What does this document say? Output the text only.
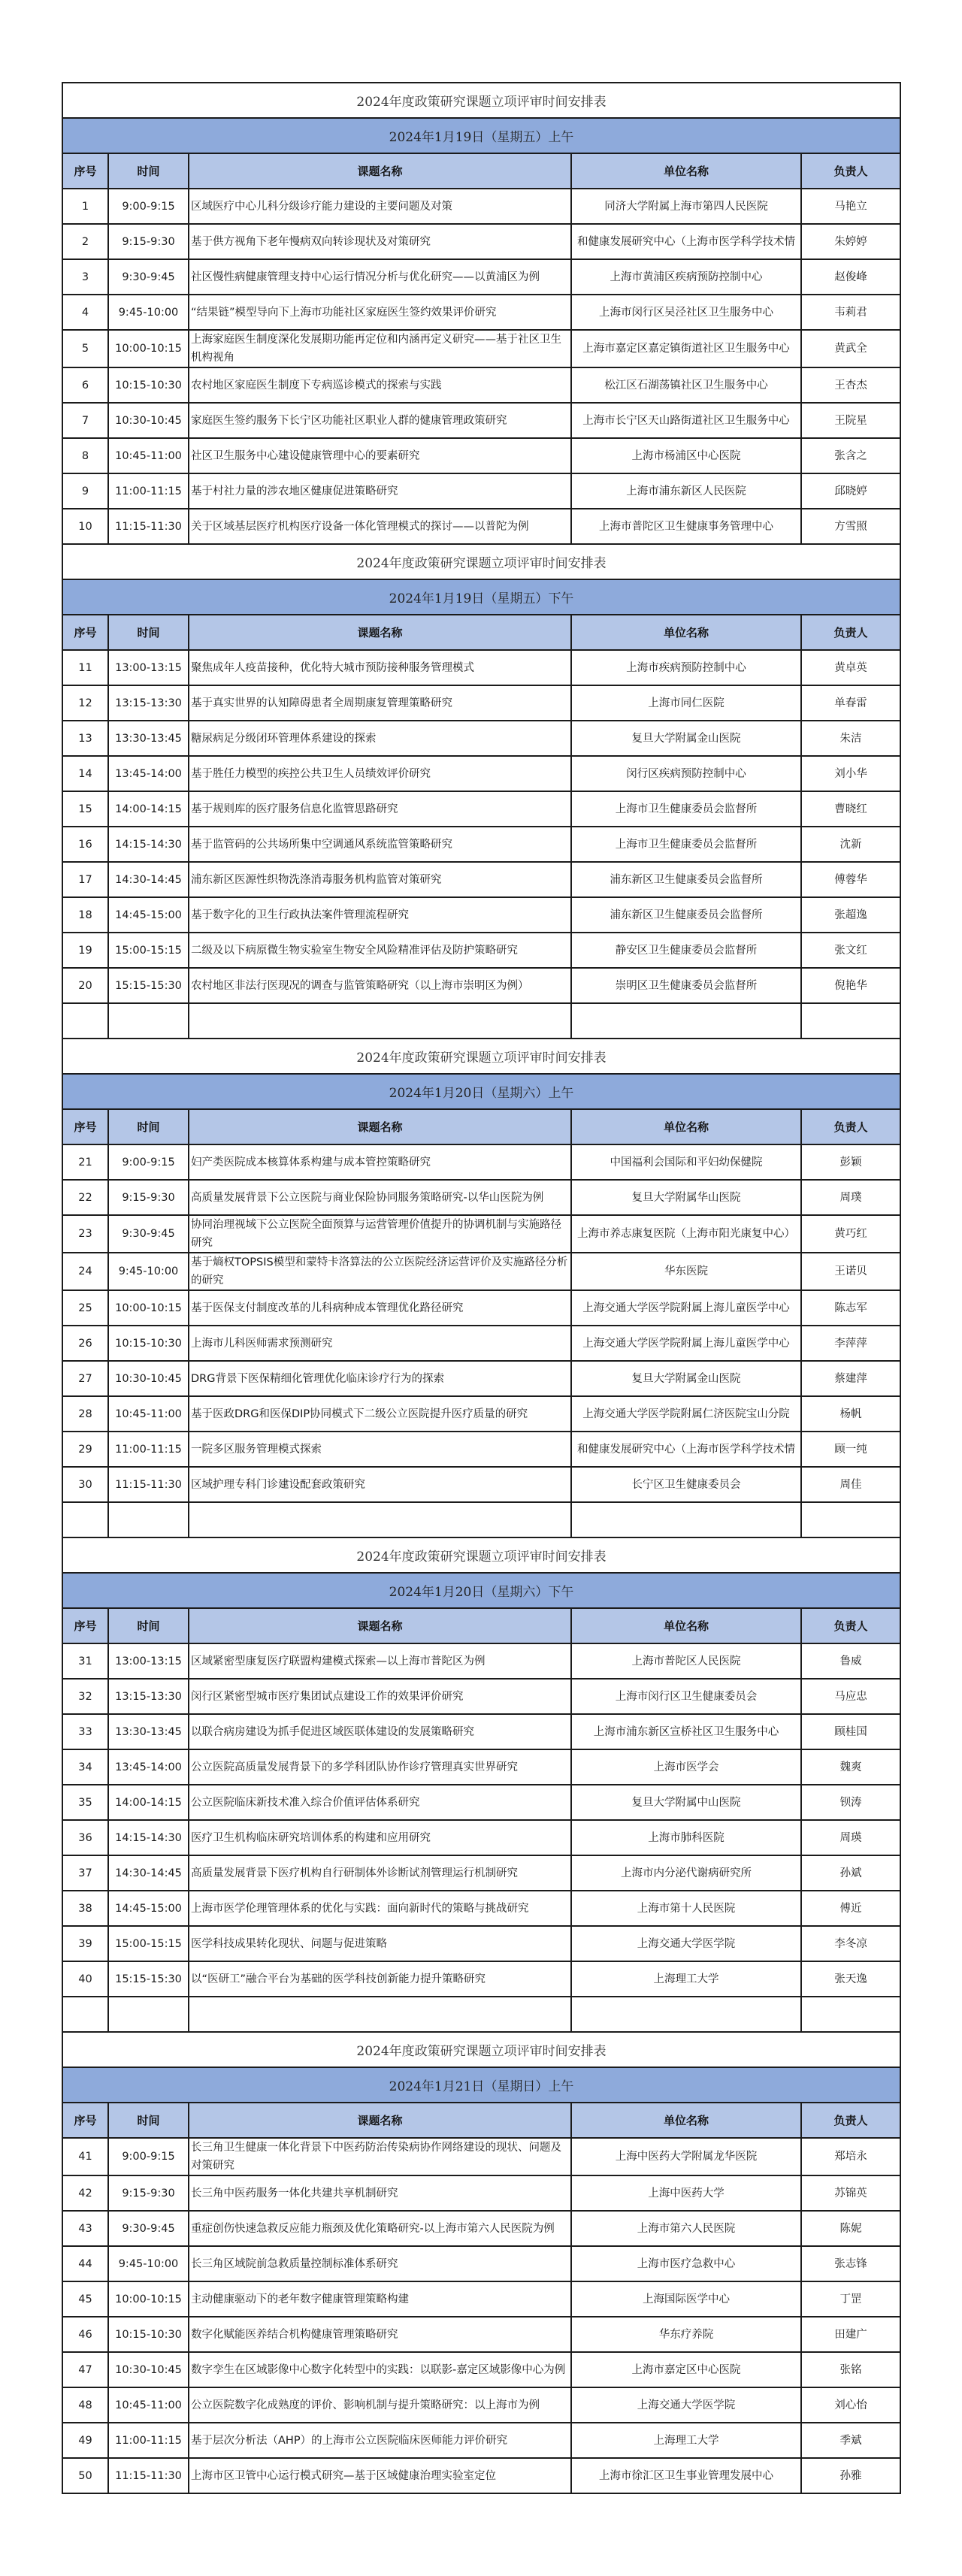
2024年度政策研究课题立项评审时间安排表				
2024年1月19日（星期五）上午				
序号	时间	课题名称	单位名称	负责人
1	9:00-9:15	区域医疗中心儿科分级诊疗能力建设的主要问题及对策	同济大学附属上海市第四人民医院	马艳立
2	9:15-9:30	基于供方视角下老年慢病双向转诊现状及对策研究	和健康发展研究中心（上海市医学科学技术情	朱婷婷
3	9:30-9:45	社区慢性病健康管理支持中心运行情况分析与优化研究——以黄浦区为例	上海市黄浦区疾病预防控制中心	赵俊峰
4	9:45-10:00	“结果链”模型导向下上海市功能社区家庭医生签约效果评价研究	上海市闵行区吴泾社区卫生服务中心	韦莉君
5	10:00-10:15	上海家庭医生制度深化发展期功能再定位和内涵再定义研究——基于社区卫生机构视角	上海市嘉定区嘉定镇街道社区卫生服务中心	黄武全
6	10:15-10:30	农村地区家庭医生制度下专病巡诊模式的探索与实践	松江区石湖荡镇社区卫生服务中心	王杏杰
7	10:30-10:45	家庭医生签约服务下长宁区功能社区职业人群的健康管理政策研究	上海市长宁区天山路街道社区卫生服务中心	王院星
8	10:45-11:00	社区卫生服务中心建设健康管理中心的要素研究	上海市杨浦区中心医院	张含之
9	11:00-11:15	基于村社力量的涉农地区健康促进策略研究	上海市浦东新区人民医院	邱晓婷
10	11:15-11:30	关于区域基层医疗机构医疗设备一体化管理模式的探讨——以普陀为例	上海市普陀区卫生健康事务管理中心	方雪照
2024年度政策研究课题立项评审时间安排表				
2024年1月19日（星期五）下午				
序号	时间	课题名称	单位名称	负责人
11	13:00-13:15	聚焦成年人疫苗接种，优化特大城市预防接种服务管理模式	上海市疾病预防控制中心	黄卓英
12	13:15-13:30	基于真实世界的认知障碍患者全周期康复管理策略研究	上海市同仁医院	单春雷
13	13:30-13:45	糖尿病足分级闭环管理体系建设的探索	复旦大学附属金山医院	朱洁
14	13:45-14:00	基于胜任力模型的疾控公共卫生人员绩效评价研究	闵行区疾病预防控制中心	刘小华
15	14:00-14:15	基于规则库的医疗服务信息化监管思路研究	上海市卫生健康委员会监督所	曹晓红
16	14:15-14:30	基于监管码的公共场所集中空调通风系统监管策略研究	上海市卫生健康委员会监督所	沈新
17	14:30-14:45	浦东新区医源性织物洗涤消毒服务机构监管对策研究	浦东新区卫生健康委员会监督所	傅蓉华
18	14:45-15:00	基于数字化的卫生行政执法案件管理流程研究	浦东新区卫生健康委员会监督所	张超逸
19	15:00-15:15	二级及以下病原微生物实验室生物安全风险精准评估及防护策略研究	静安区卫生健康委员会监督所	张文红
20	15:15-15:30	农村地区非法行医现况的调查与监管策略研究（以上海市崇明区为例）	崇明区卫生健康委员会监督所	倪艳华

2024年度政策研究课题立项评审时间安排表				
2024年1月20日（星期六）上午				
序号	时间	课题名称	单位名称	负责人
21	9:00-9:15	妇产类医院成本核算体系构建与成本管控策略研究	中国福利会国际和平妇幼保健院	彭颖
22	9:15-9:30	高质量发展背景下公立医院与商业保险协同服务策略研究-以华山医院为例	复旦大学附属华山医院	周璞
23	9:30-9:45	协同治理视域下公立医院全面预算与运营管理价值提升的协调机制与实施路径研究	上海市养志康复医院（上海市阳光康复中心）	黄巧红
24	9:45-10:00	基于熵权TOPSIS模型和蒙特卡洛算法的公立医院经济运营评价及实施路径分析的研究	华东医院	王诺贝
25	10:00-10:15	基于医保支付制度改革的儿科病种成本管理优化路径研究	上海交通大学医学院附属上海儿童医学中心	陈志军
26	10:15-10:30	上海市儿科医师需求预测研究	上海交通大学医学院附属上海儿童医学中心	李萍萍
27	10:30-10:45	DRG背景下医保精细化管理优化临床诊疗行为的探索	复旦大学附属金山医院	蔡建萍
28	10:45-11:00	基于医政DRG和医保DIP协同模式下二级公立医院提升医疗质量的研究	上海交通大学医学院附属仁济医院宝山分院	杨帆
29	11:00-11:15	一院多区服务管理模式探索	和健康发展研究中心（上海市医学科学技术情	顾一纯
30	11:15-11:30	区域护理专科门诊建设配套政策研究	长宁区卫生健康委员会	周佳

2024年度政策研究课题立项评审时间安排表				
2024年1月20日（星期六）下午				
序号	时间	课题名称	单位名称	负责人
31	13:00-13:15	区域紧密型康复医疗联盟构建模式探索—以上海市普陀区为例	上海市普陀区人民医院	鲁威
32	13:15-13:30	闵行区紧密型城市医疗集团试点建设工作的效果评价研究	上海市闵行区卫生健康委员会	马应忠
33	13:30-13:45	以联合病房建设为抓手促进区域医联体建设的发展策略研究	上海市浦东新区宣桥社区卫生服务中心	顾桂国
34	13:45-14:00	公立医院高质量发展背景下的多学科团队协作诊疗管理真实世界研究	上海市医学会	魏爽
35	14:00-14:15	公立医院临床新技术准入综合价值评估体系研究	复旦大学附属中山医院	钡涛
36	14:15-14:30	医疗卫生机构临床研究培训体系的构建和应用研究	上海市肺科医院	周瑛
37	14:30-14:45	高质量发展背景下医疗机构自行研制体外诊断试剂管理运行机制研究	上海市内分泌代谢病研究所	孙斌
38	14:45-15:00	上海市医学伦理管理体系的优化与实践：面向新时代的策略与挑战研究	上海市第十人民医院	傅近
39	15:00-15:15	医学科技成果转化现状、问题与促进策略	上海交通大学医学院	李冬凉
40	15:15-15:30	以“医研工”融合平台为基础的医学科技创新能力提升策略研究	上海理工大学	张天逸

2024年度政策研究课题立项评审时间安排表				
2024年1月21日（星期日）上午				
序号	时间	课题名称	单位名称	负责人
41	9:00-9:15	长三角卫生健康一体化背景下中医药防治传染病协作网络建设的现状、问题及对策研究	上海中医药大学附属龙华医院	郑培永
42	9:15-9:30	长三角中医药服务一体化共建共享机制研究	上海中医药大学	苏锦英
43	9:30-9:45	重症创伤快速急救反应能力瓶颈及优化策略研究-以上海市第六人民医院为例	上海市第六人民医院	陈妮
44	9:45-10:00	长三角区域院前急救质量控制标准体系研究	上海市医疗急救中心	张志锋
45	10:00-10:15	主动健康驱动下的老年数字健康管理策略构建	上海国际医学中心	丁罡
46	10:15-10:30	数字化赋能医养结合机构健康管理策略研究	华东疗养院	田建广
47	10:30-10:45	数字孪生在区域影像中心数字化转型中的实践：以联影-嘉定区域影像中心为例	上海市嘉定区中心医院	张铭
48	10:45-11:00	公立医院数字化成熟度的评价、影响机制与提升策略研究：以上海市为例	上海交通大学医学院	刘心怡
49	11:00-11:15	基于层次分析法（AHP）的上海市公立医院临床医师能力评价研究	上海理工大学	季斌
50	11:15-11:30	上海市区卫管中心运行模式研究—基于区域健康治理实验室定位	上海市徐汇区卫生事业管理发展中心	孙雅
